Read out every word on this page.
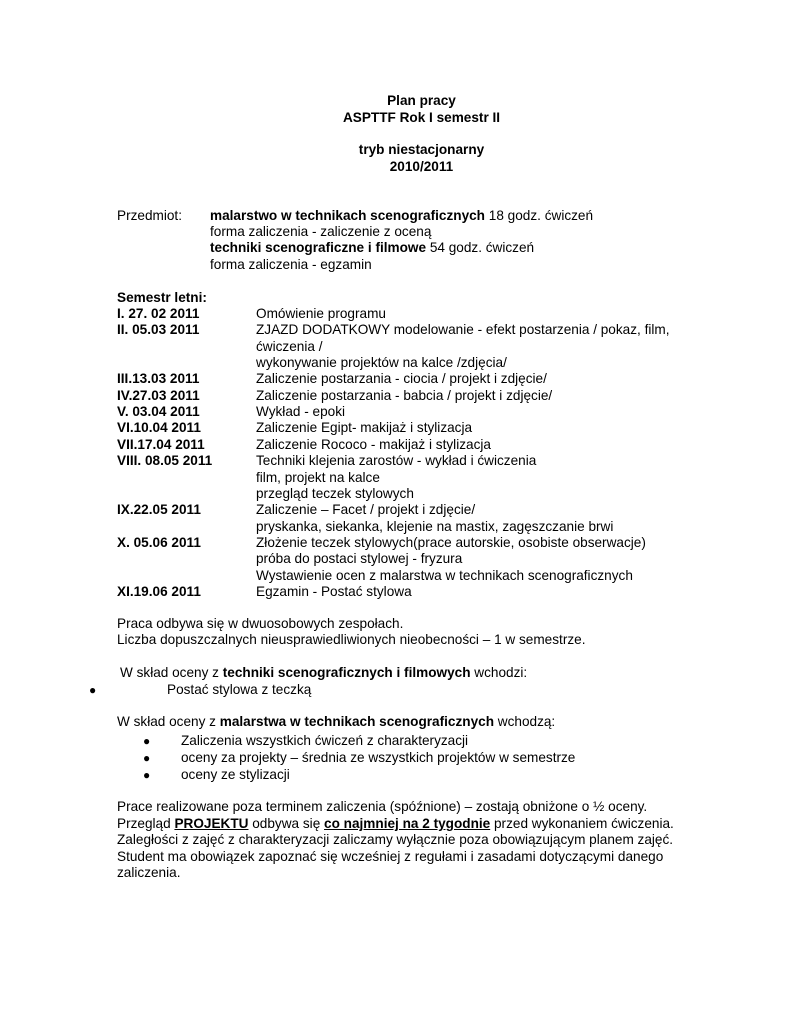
Plan pracy
ASPTTF Rok I semestr II
tryb niestacjonarny
2010/2011
Przedmiot: malarstwo w technikach scenograficznych 18 godz. ćwiczeń
forma zaliczenia - zaliczenie z oceną
techniki scenograficzne i filmowe 54 godz. ćwiczeń
forma zaliczenia - egzamin
Semestr letni:
I. 27. 02 2011	Omówienie programu
II. 05.03 2011	ZJAZD DODATKOWY modelowanie - efekt postarzenia / pokaz, film,
ćwiczenia /
wykonywanie projektów na kalce /zdjęcia/
III.13.03 2011	Zaliczenie postarzania - ciocia / projekt i zdjęcie/
IV.27.03 2011	Zaliczenie postarzania - babcia / projekt i zdjęcie/
V. 03.04 2011	Wykład - epoki
VI.10.04 2011	Zaliczenie Egipt- makijaż i stylizacja
VII.17.04 2011	Zaliczenie Rococo - makijaż i stylizacja
VIII. 08.05 2011	Techniki klejenia zarostów - wykład i ćwiczenia
film, projekt na kalce
przegląd teczek stylowych
IX.22.05 2011	Zaliczenie – Facet / projekt i zdjęcie/
pryskanka, siekanka, klejenie na mastix, zagęszczanie brwi
X. 05.06 2011	Złożenie teczek stylowych(prace autorskie, osobiste obserwacje)
próba do postaci stylowej - fryzura
Wystawienie ocen z malarstwa w technikach scenograficznych
XI.19.06 2011	Egzamin - Postać stylowa
Praca odbywa się w dwuosobowych zespołach.
Liczba dopuszczalnych nieusprawiedliwionych nieobecności – 1 w semestrze.
W skład oceny z techniki scenograficznych i filmowych wchodzi:
●	Postać stylowa z teczką
W skład oceny z malarstwa w technikach scenograficznych wchodzą:
● Zaliczenia wszystkich ćwiczeń z charakteryzacji
● oceny za projekty – średnia ze wszystkich projektów w semestrze
● oceny ze stylizacji
Prace realizowane poza terminem zaliczenia (spóźnione) – zostają obniżone o ½ oceny.
Przegląd PROJEKTU odbywa się co najmniej na 2 tygodnie przed wykonaniem ćwiczenia.
Zaległości z zajęć z charakteryzacji zaliczamy wyłącznie poza obowiązującym planem zajęć.
Student ma obowiązek zapoznać się wcześniej z regułami i zasadami dotyczącymi danego
zaliczenia.
